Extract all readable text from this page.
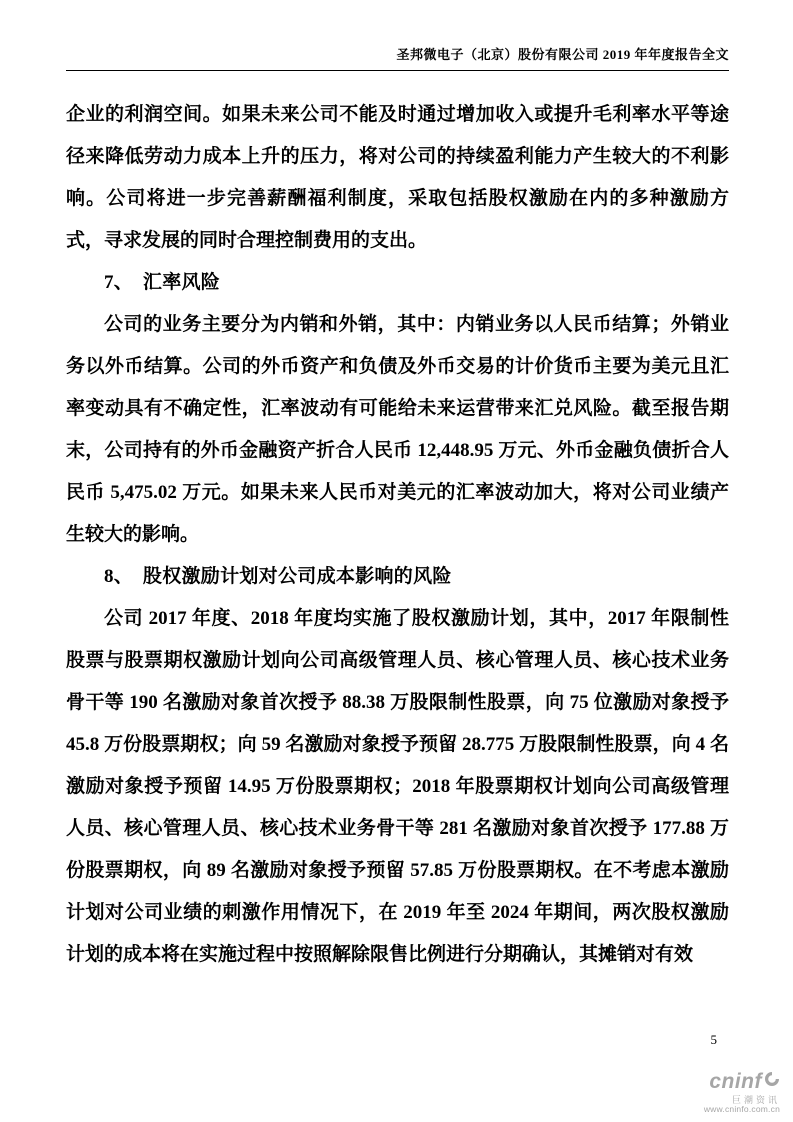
圣邦微电子（北京）股份有限公司 2019 年年度报告全文

企业的利润空间。如果未来公司不能及时通过增加收入或提升毛利率水平等途径来降低劳动力成本上升的压力，将对公司的持续盈利能力产生较大的不利影响。公司将进一步完善薪酬福利制度，采取包括股权激励在内的多种激励方式，寻求发展的同时合理控制费用的支出。

7、　汇率风险

公司的业务主要分为内销和外销，其中：内销业务以人民币结算；外销业务以外币结算。公司的外币资产和负债及外币交易的计价货币主要为美元且汇率变动具有不确定性，汇率波动有可能给未来运营带来汇兑风险。截至报告期末，公司持有的外币金融资产折合人民币 12,448.95 万元、外币金融负债折合人民币 5,475.02 万元。如果未来人民币对美元的汇率波动加大，将对公司业绩产生较大的影响。

8、　股权激励计划对公司成本影响的风险

公司 2017 年度、2018 年度均实施了股权激励计划，其中，2017 年限制性股票与股票期权激励计划向公司高级管理人员、核心管理人员、核心技术业务骨干等 190 名激励对象首次授予 88.38 万股限制性股票，向 75 位激励对象授予 45.8 万份股票期权；向 59 名激励对象授予预留 28.775 万股限制性股票，向 4 名激励对象授予预留 14.95 万份股票期权；2018 年股票期权计划向公司高级管理人员、核心管理人员、核心技术业务骨干等 281 名激励对象首次授予 177.88 万份股票期权，向 89 名激励对象授予预留 57.85 万份股票期权。在不考虑本激励计划对公司业绩的刺激作用情况下，在 2019 年至 2024 年期间，两次股权激励计划的成本将在实施过程中按照解除限售比例进行分期确认，其摊销对有效

5
cninf
巨潮资讯
www.cninfo.com.cn
